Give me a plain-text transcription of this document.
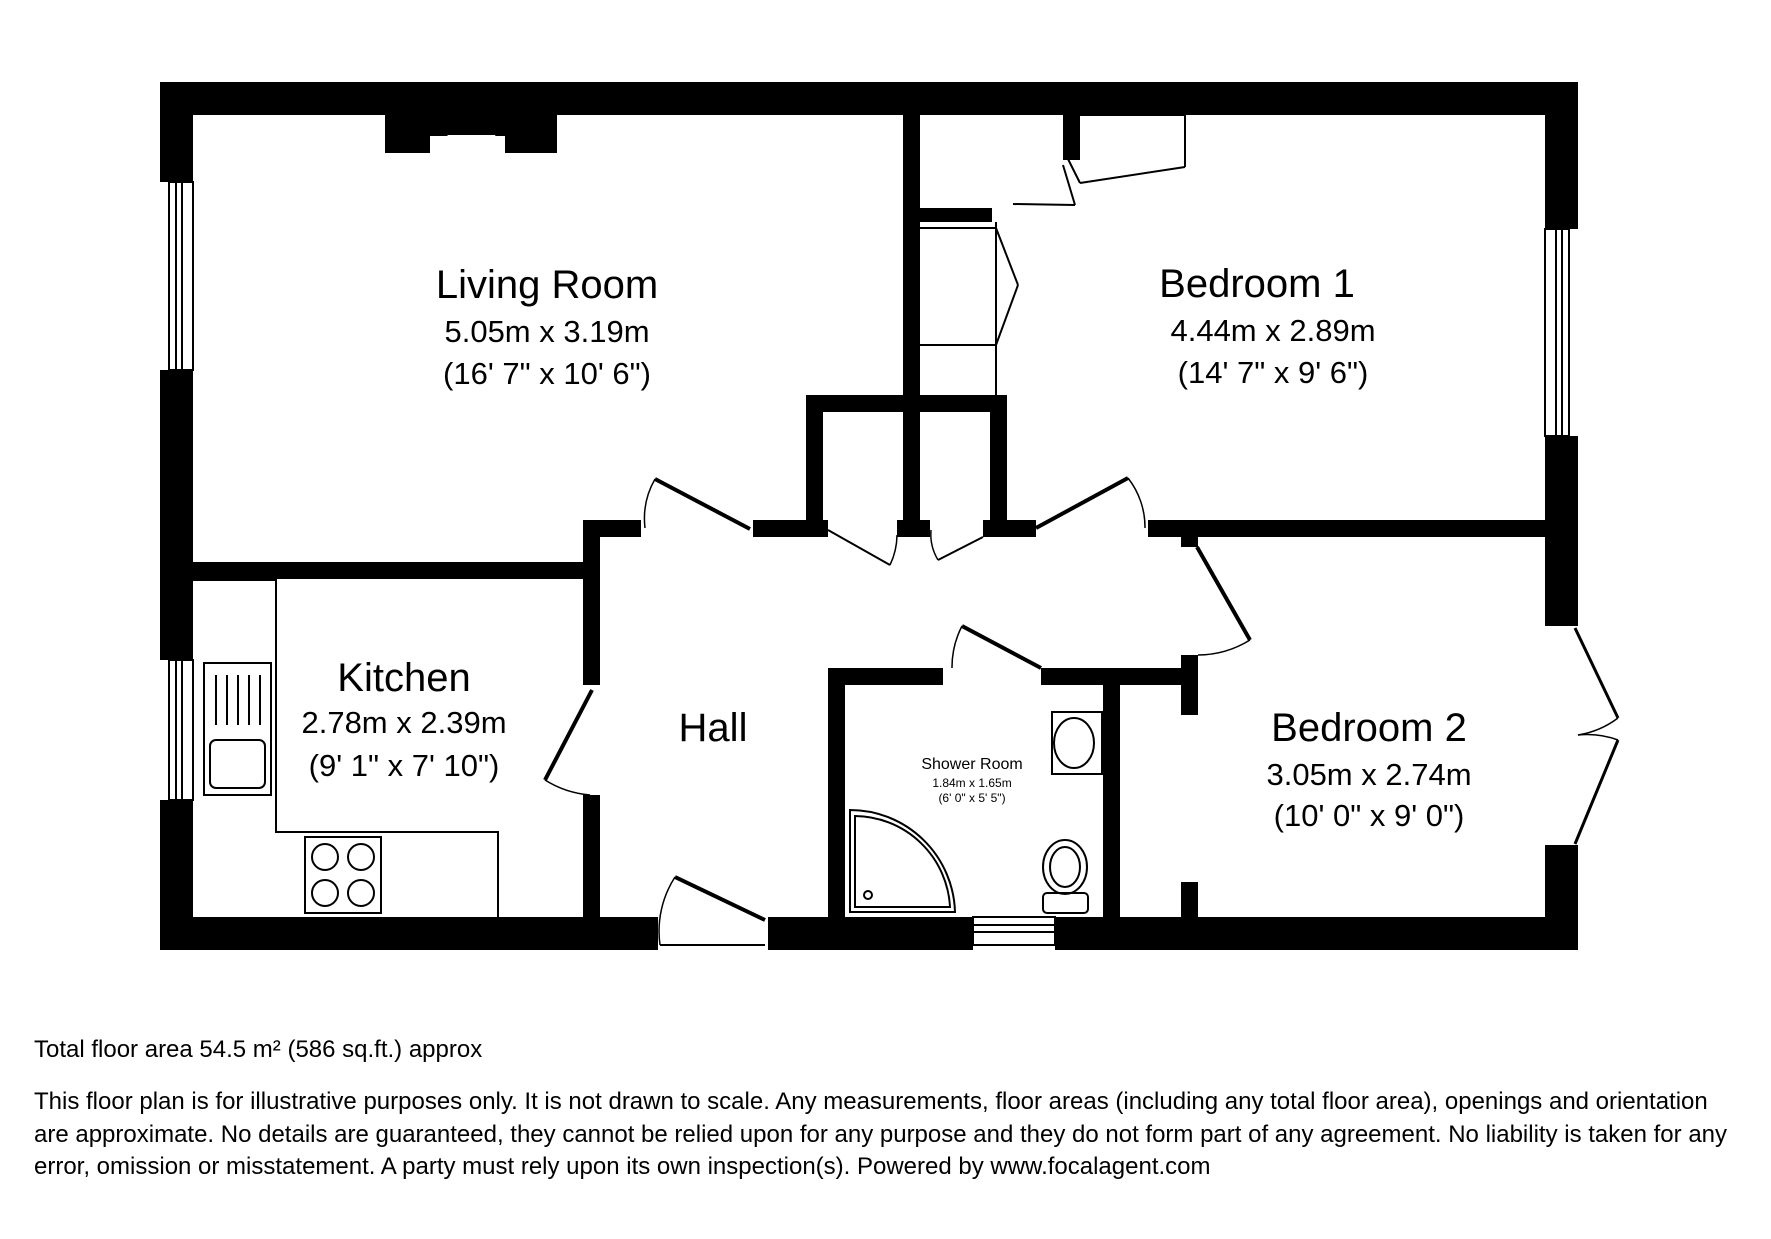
Living Room
5.05m x 3.19m
(16' 7" x 10' 6")
Bedroom 1
4.44m x 2.89m
(14' 7" x 9' 6")
Kitchen
2.78m x 2.39m
(9' 1" x 7' 10")
Hall
Shower Room
1.84m x 1.65m
(6' 0" x 5' 5")
Bedroom 2
3.05m x 2.74m
(10' 0" x 9' 0")

Total floor area 54.5 m² (586 sq.ft.) approx

This floor plan is for illustrative purposes only. It is not drawn to scale. Any measurements, floor areas (including any total floor area), openings and orientation are approximate. No details are guaranteed, they cannot be relied upon for any purpose and they do not form part of any agreement. No liability is taken for any error, omission or misstatement. A party must rely upon its own inspection(s). Powered by www.focalagent.com
